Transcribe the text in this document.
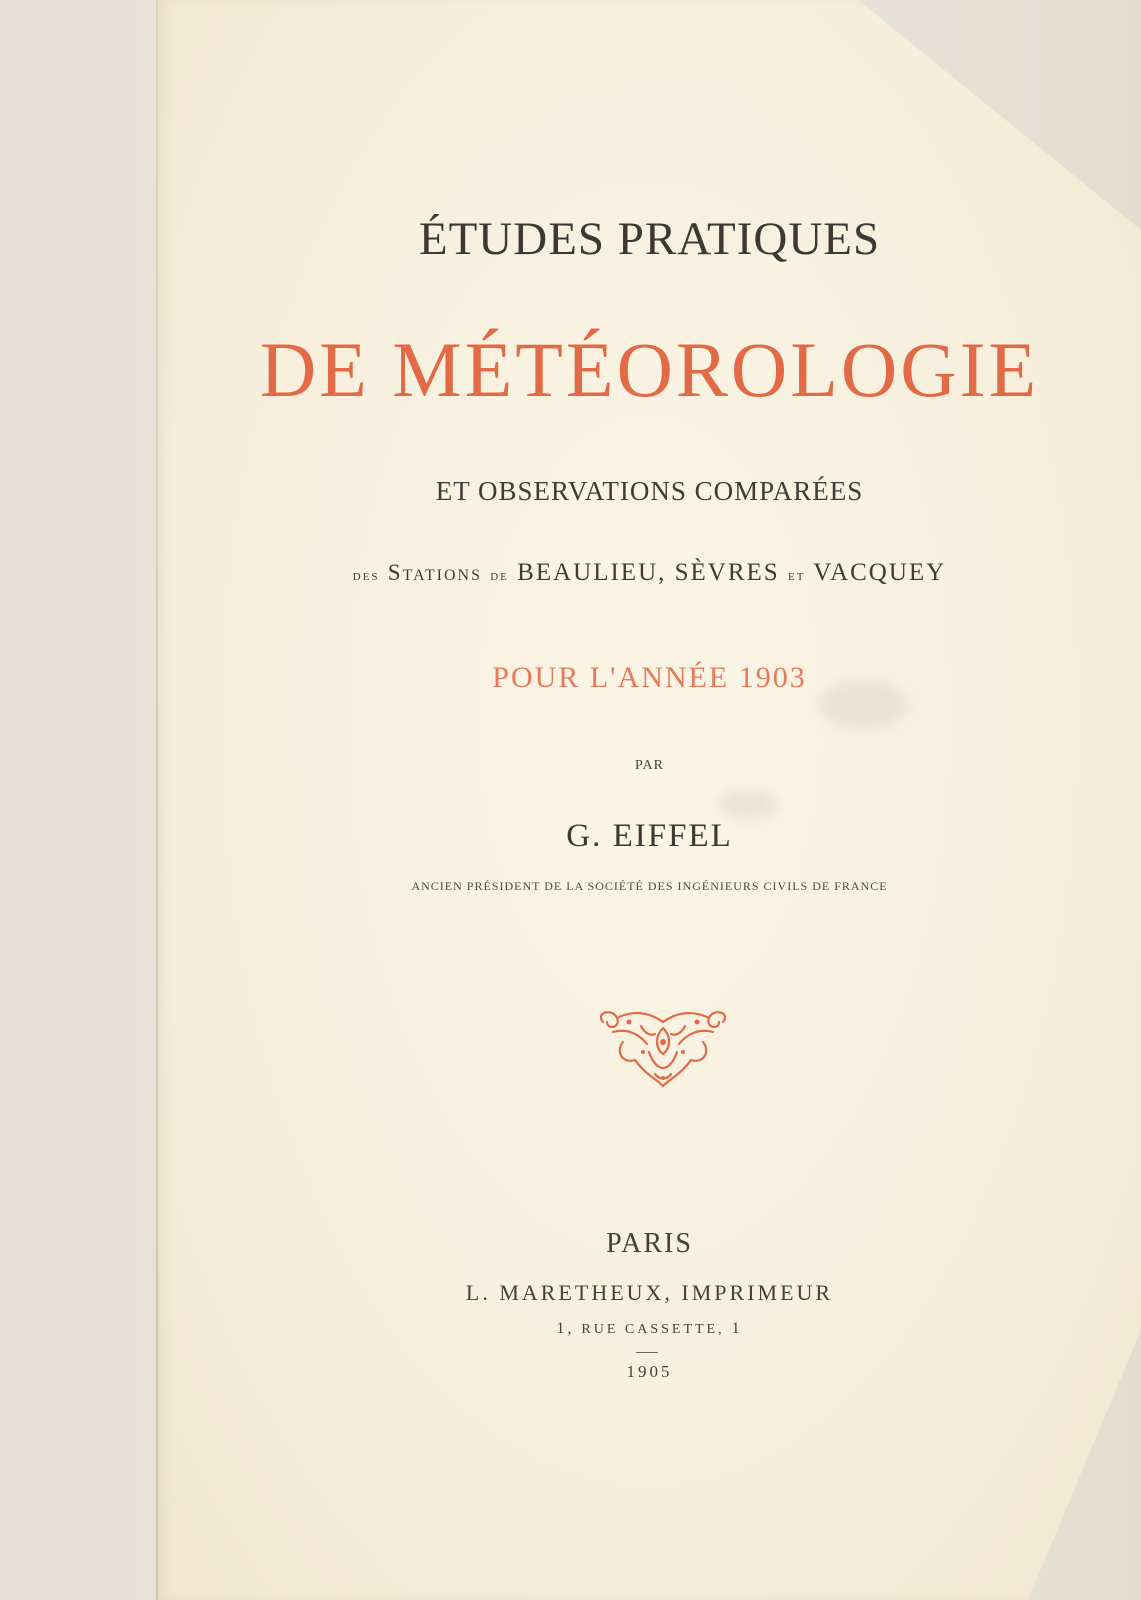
ÉTUDES PRATIQUES
DE MÉTÉOROLOGIE

ET OBSERVATIONS COMPARÉES

des Stations de BEAULIEU, SÈVRES et VACQUEY

POUR L'ANNÉE 1903

PAR

G. EIFFEL

ANCIEN PRÉSIDENT DE LA SOCIÉTÉ DES INGÉNIEURS CIVILS DE FRANCE

PARIS

L. MARETHEUX, IMPRIMEUR

1, RUE CASSETTE, 1

1905
